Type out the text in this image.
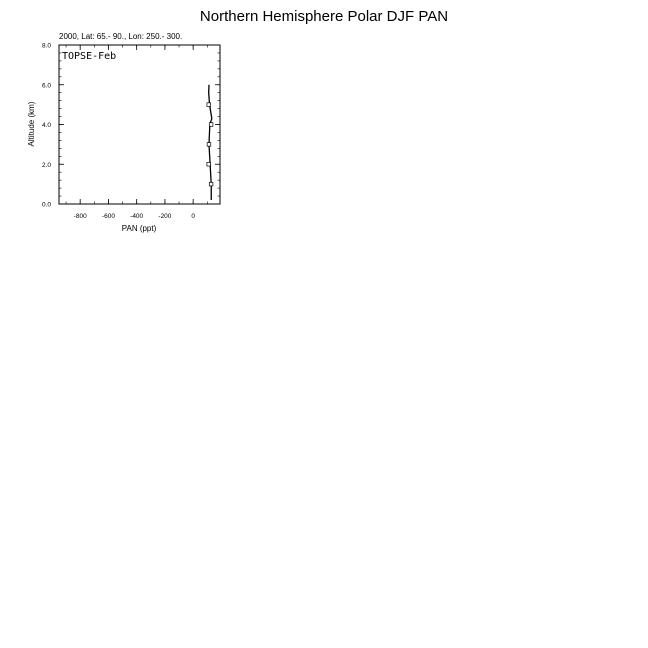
Northern Hemisphere Polar DJF PAN
2000, Lat: 65.- 90., Lon: 250.- 300.
TOPSE-Feb
-800 -600 -400 -200	0
0.0
2.0
4.0
6.0
8.0
PAN (ppt)
Altitude (km)
